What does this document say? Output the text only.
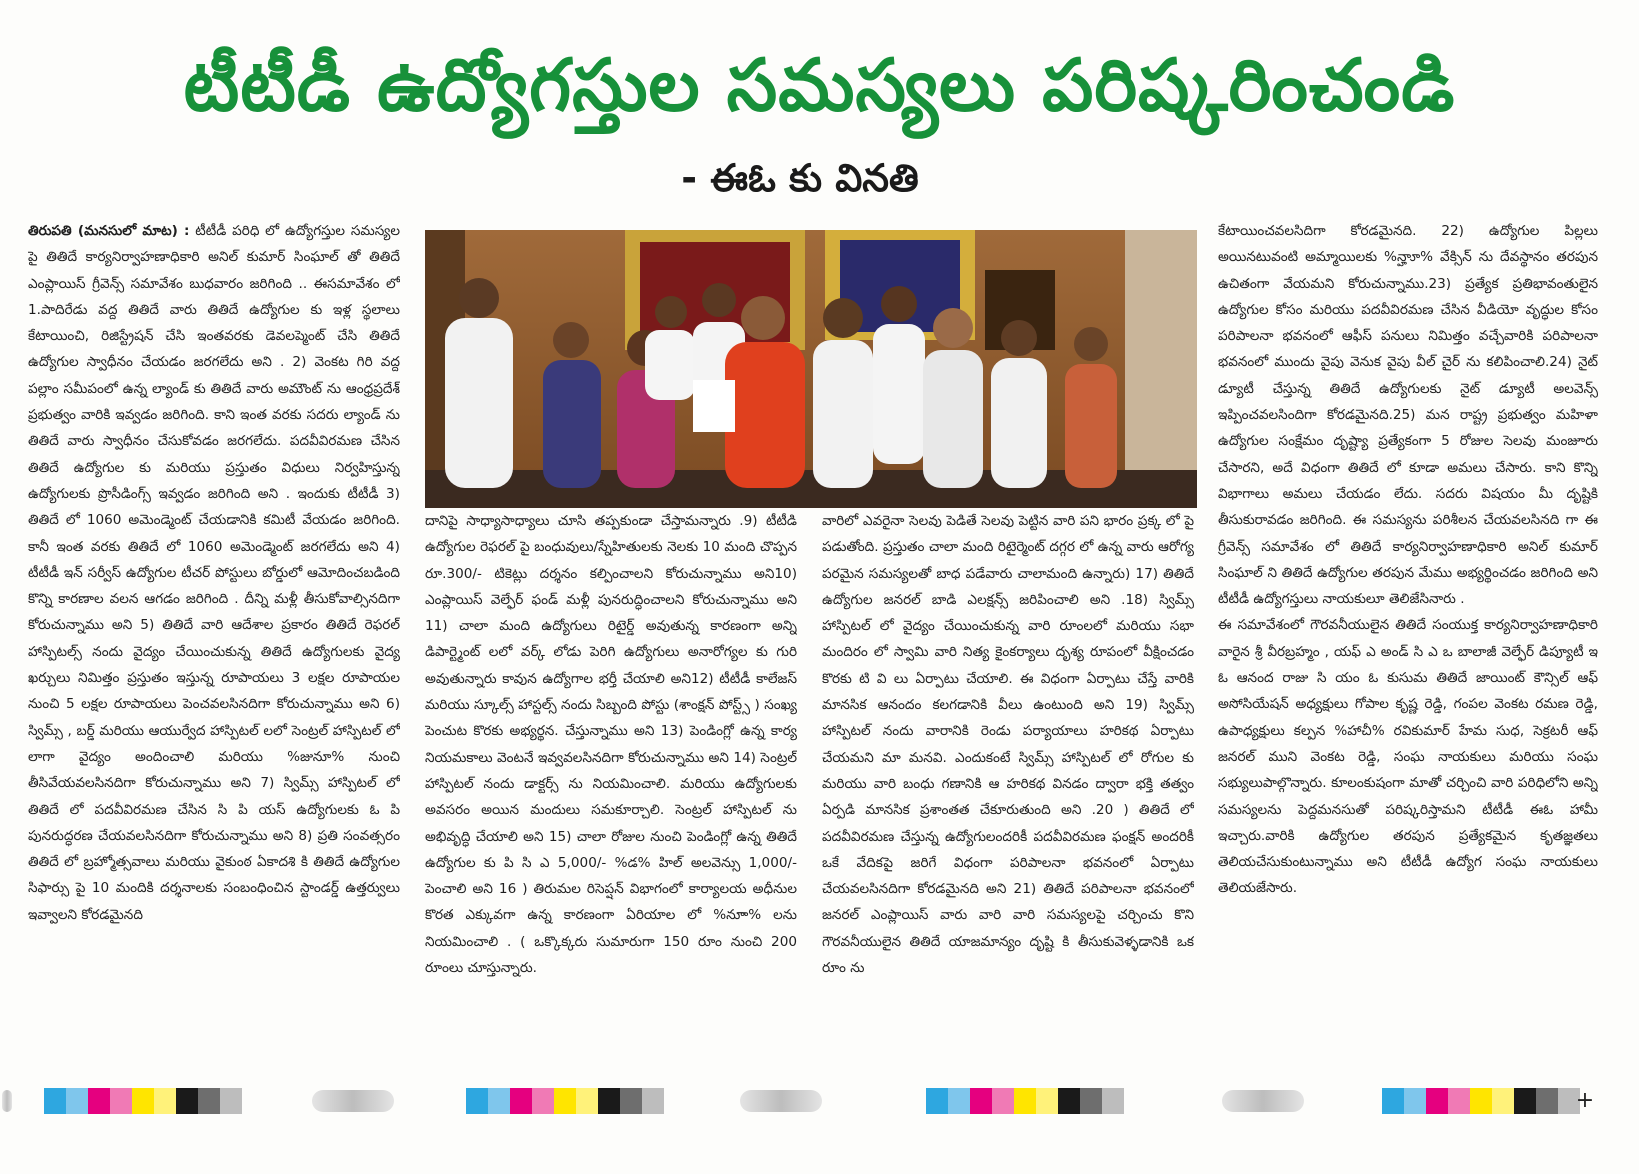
టీటీడీ ఉద్యోగస్తుల సమస్యలు పరిష్కరించండి
- ఈఓ కు వినతి

తిరుపతి (మనసులో మాట) : టీటీడీ పరిధి లో ఉద్యోగస్తుల సమస్యల పై తితిదే కార్యనిర్వాహణాధికారి అనిల్ కుమార్ సింఘాల్ తో తితిదే ఎంప్లాయిస్ గ్రీవెన్స్ సమావేశం బుధవారం జరిగింది .. ఈసమావేశం లో 1.పాదిరేడు వద్ద తితిదే వారు తితిదే ఉద్యోగుల కు ఇళ్ల స్థలాలు కేటాయించి, రిజిస్ట్రేషన్ చేసి ఇంతవరకు డెవలప్మెంట్ చేసి తితిదే ఉద్యోగుల స్వాధీనం చేయడం జరగలేదు అని . 2) వెంకట గిరి వద్ద పల్లాం సమీపంలో ఉన్న ల్యాండ్ కు తితిదే వారు అమౌంట్ ను ఆంధ్రప్రదేశ్ ప్రభుత్వం వారికి ఇవ్వడం జరిగింది. కాని ఇంత వరకు సదరు ల్యాండ్ ను తితిదే వారు స్వాధీనం చేసుకోవడం జరగలేదు. పదవీవిరమణ చేసిన తితిదే ఉద్యోగుల కు మరియు ప్రస్తుతం విధులు నిర్వహిస్తున్న ఉద్యోగులకు ప్రొసీడింగ్స్ ఇవ్వడం జరిగింది అని . ఇందుకు టీటీడీ 3) తితిదే లో 1060 అమెండ్మెంట్ చేయడానికి కమిటీ వేయడం జరిగింది. కానీ ఇంత వరకు తితిదే లో 1060 అమెండ్మెంట్ జరగలేదు అని 4) టీటీడీ ఇన్ సర్వీస్ ఉద్యోగుల టీచర్ పోస్టులు బోర్డులో ఆమోదించబడింది కొన్ని కారణాల వలన ఆగడం జరిగింది . దీన్ని మళ్లీ తీసుకోవాల్సినదిగా కోరుచున్నాము అని 5) తితిదే వారి ఆదేశాల ప్రకారం తితిదే రెఫరల్ హాస్పిటల్స్ నందు వైద్యం చేయించుకున్న తితిదే ఉద్యోగులకు వైద్య ఖర్చులు నిమిత్తం ప్రస్తుతం ఇస్తున్న రూపాయలు 3 లక్షల రూపాయల నుంచి 5 లక్షల రూపాయలు పెంచవలసినదిగా కోరుచున్నాము అని 6) స్విమ్స్ , బర్డ్ మరియు ఆయుర్వేద హాస్పిటల్ లలో సెంట్రల్ హాస్పిటల్ లో లాగా వైద్యం అందించాలి మరియు %జునూ% నుంచి తీసివేయవలసినదిగా కోరుచున్నాము అని 7) స్విమ్స్ హాస్పిటల్ లో తితిదే లో పదవీవిరమణ చేసిన సి పి యస్ ఉద్యోగులకు ఓ పి పునరుద్ధరణ చేయవలసినదిగా కోరుచున్నాము అని 8) ప్రతి సంవత్సరం తితిదే లో బ్రహ్మోత్సవాలు మరియు వైకుంఠ ఏకాదశి కి తితిదే ఉద్యోగుల సిఫార్సు పై 10 మందికి దర్శనాలకు సంబంధించిన స్టాండర్డ్ ఉత్తర్వులు ఇవ్వాలని కోరడమైనది

దానిపై సాధ్యాసాధ్యాలు చూసి తప్పకుండా చేస్తామన్నారు .9) టీటీడి ఉద్యోగుల రెఫరల్ పై బంధువులు/స్నేహితులకు నెలకు 10 మంది చొప్పన రూ.300/- టికెట్లు దర్శనం కల్పించాలని కోరుచున్నాము అని10) ఎంప్లాయిస్ వెల్ఫేర్ ఫండ్ మళ్లీ పునరుద్ధించాలని కోరుచున్నాము అని 11) చాలా మంది ఉద్యోగులు రిటైర్డ్ అవుతున్న కారణంగా అన్ని డిపార్ట్మెంట్ లలో వర్క్ లోడు పెరిగి ఉద్యోగులు అనారోగ్యల కు గురి అవుతున్నారు కావున ఉద్యోగాల భర్తీ చేయాలి అని12) టీటీడీ కాలేజస్ మరియు స్కూల్స్ హాస్టల్స్ నందు సిబ్బంది పోస్టు (శాంక్షన్ పోస్ట్స్ ) సంఖ్య పెంచుట కొరకు అభ్యర్థన. చేస్తున్నాము అని 13) పెండింగ్లో ఉన్న కార్య నియమకాలు వెంటనే ఇవ్వవలసినదిగా కోరుచున్నాము అని 14) సెంట్రల్ హాస్పిటల్ నందు డాక్టర్స్ ను నియమించాలి. మరియు ఉద్యోగులకు అవసరం అయిన మందులు సమకూర్చాలి. సెంట్రల్ హాస్పిటల్ ను అభివృద్ధి చేయాలి అని 15) చాలా రోజుల నుంచి పెండింగ్లో ఉన్న తితిదే ఉద్యోగుల కు పి సి ఎ 5,000/- %డ% హిల్ అలవెన్సు 1,000/- పెంచాలి అని 16 ) తిరుమల రిసెప్షన్ విభాగంలో కార్యాలయ అధీనుల కొరత ఎక్కువగా ఉన్న కారణంగా ఏరియాల లో %నూా% లను నియమించాలి . ( ఒక్కొక్కరు సుమారుగా 150 రూం నుంచి 200 రూంలు చూస్తున్నారు.

వారిలో ఎవరైనా సెలవు పెడితే సెలవు పెట్టిన వారి పని భారం ప్రక్క లో పై పడుతోంది. ప్రస్తుతం చాలా మంది రిటైర్మెంట్ దగ్గర లో ఉన్న వారు ఆరోగ్య పరమైన సమస్యలతో బాధ పడేవారు చాలామంది ఉన్నారు) 17) తితిదే ఉద్యోగుల జనరల్ బాడి ఎలక్షన్స్ జరిపించాలి అని .18) స్విమ్స్ హాస్పిటల్ లో వైద్యం చేయించుకున్న వారి రూంలలో మరియు సభా మందిరం లో స్వామి వారి నిత్య కైంకర్యాలు దృశ్య రూపంలో వీక్షించడం కొరకు టి వి లు ఏర్పాటు చేయాలి. ఈ విధంగా ఏర్పాటు చేస్తే వారికి మానసిక ఆనందం కలగడానికి వీలు ఉంటుంది అని 19) స్విమ్స్ హాస్పిటల్ నందు వారానికి రెండు పర్యాయాలు హరికథ ఏర్పాటు చేయమని మా మనవి. ఎందుకంటే స్విమ్స్ హాస్పిటల్ లో రోగుల కు మరియు వారి బంధు గణానికి ఆ హరికథ వినడం ద్వారా భక్తి తత్వం ఏర్పడి మానసిక ప్రశాంతత చేకూరుతుంది అని .20 ) తితిదే లో పదవీవిరమణ చేస్తున్న ఉద్యోగులందరికీ పదవీవిరమణ ఫంక్షన్ అందరికీ ఒకే వేదికపై జరిగే విధంగా పరిపాలనా భవనంలో ఏర్పాటు చేయవలసినదిగా కోరడమైనది అని 21) తితిదే పరిపాలనా భవనంలో జనరల్ ఎంప్లాయిస్ వారు వారి వారి సమస్యలపై చర్చించు కొని గౌరవనీయులైన తితిదే యాజమాన్యం దృష్టి కి తీసుకువెళ్ళడానికి ఒక రూం ను

కేటాయించవలసిదిగా కోరడమైనది. 22) ఉద్యోగుల పిల్లలు అయినటువంటి అమ్మాయిలకు %న్హాూ% వేక్సిన్ ను దేవస్థానం తరపున ఉచితంగా వేయమని కోరుచున్నాము.23) ప్రత్యేక ప్రతిభావంతులైన ఉద్యోగుల కోసం మరియు పదవీవిరమణ చేసిన వీడియో వృద్ధుల కోసం పరిపాలనా భవనంలో ఆఫీస్ పనులు నిమిత్తం వచ్చేవారికి పరిపాలనా భవనంలో ముందు వైపు వెనుక వైపు వీల్ చైర్ ను కలిపించాలి.24) నైట్ డ్యూటీ చేస్తున్న తితిదే ఉద్యోగులకు నైట్ డ్యూటీ అలవెన్స్ ఇప్పించవలసిందిగా కోరడమైనది.25) మన రాష్ట్ర ప్రభుత్వం మహిళా ఉద్యోగుల సంక్షేమం దృష్ట్యా ప్రత్యేకంగా 5 రోజుల సెలవు మంజూరు చేసారని, అదే విధంగా తితిదే లో కూడా అమలు చేసారు. కాని కొన్ని విభాగాలు అమలు చేయడం లేదు. సదరు విషయం మీ దృష్టికి తీసుకురావడం జరిగింది. ఈ సమస్యను పరిశీలన చేయవలసినది గా ఈ గ్రీవెన్స్ సమావేశం లో తితిదే కార్యనిర్వాహణాధికారి అనిల్ కుమార్ సింఘాల్ ని తితిదే ఉద్యోగుల తరపున మేము అభ్యర్థించడం జరిగింది అని టీటీడీ ఉద్యోగస్తులు నాయకులూ తెలిజేసినారు .

ఈ సమావేశంలో గౌరవనీయులైన తితిదే సంయుక్త కార్యనిర్వాహణాధికారి వారైన శ్రీ వీరబ్రహ్మం , యఫ్ ఎ అండ్ సి ఎ ఒ బాలాజీ వెల్ఫేర్ డిప్యూటీ ఇ ఓ ఆనంద రాజు సి యం ఓ కుసుమ తితిదే జాయింట్ కౌన్సిల్ ఆఫ్ అసోసియేషన్ అధ్యక్షులు గోపాల కృష్ణ రెడ్డి, గంపల వెంకట రమణ రెడ్డి, ఉపాధ్యక్షులు కల్పన %హాచీ% రవికుమార్ హేమ సుధ, సెక్రటరీ ఆఫ్ జనరల్ ముని వెంకట రెడ్డి, సంఘ నాయకులు మరియు సంఘ సభ్యులుపాల్గొన్నారు. కూలంకుషంగా మాతో చర్చించి వారి పరిధిలోని అన్ని సమస్యలను పెద్దమనసుతో పరిష్కరిస్తామని టీటీడీ ఈఓ హామీ ఇచ్చారు.వారికి ఉద్యోగుల తరపున ప్రత్యేకమైన కృతజ్ఞతలు తెలియచేసుకుంటున్నాము అని టీటీడీ ఉద్యోగ సంఘ నాయకులు తెలియజేసారు.

+
